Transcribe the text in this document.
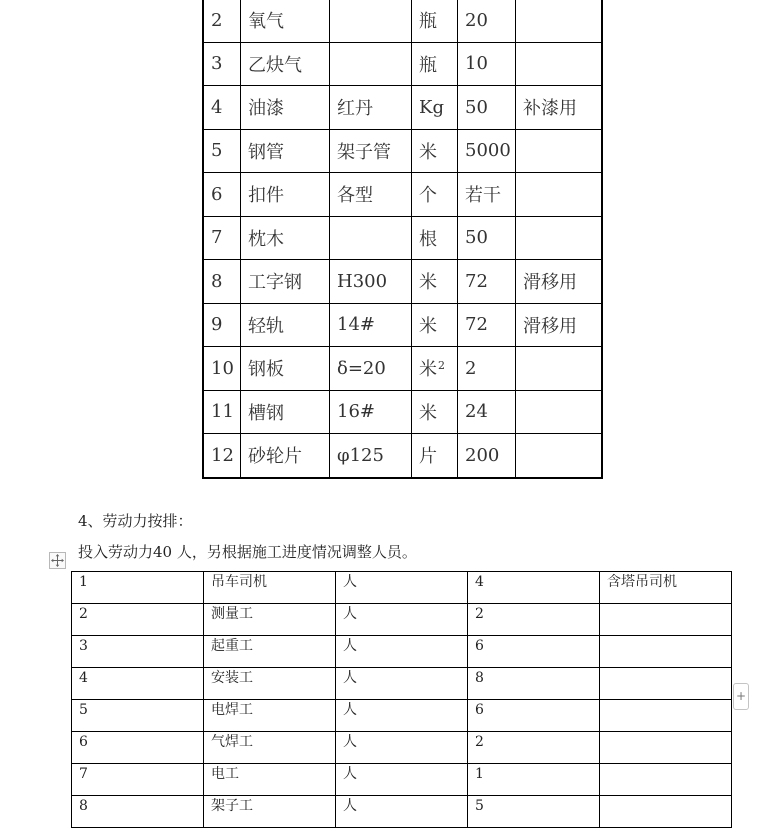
2	氧气		瓶	20	
3	乙炔气		瓶	10	
4	油漆	红丹	Kg	50	补漆用
5	钢管	架子管	米	5000	
6	扣件	各型	个	若干	
7	枕木		根	50	
8	工字钢	H300	米	72	滑移用
9	轻轨	14#	米	72	滑移用
10	钢板	δ=20	米$^2$	2	
11	槽钢	16#	米	24	
12	砂轮片	φ125	片	200	
4、劳动力按排：
投入劳动力40 人，另根据施工进度情况调整人员。
1	吊车司机	人	4	含塔吊司机
2	测量工	人	2	
3	起重工	人	6	
4	安装工	人	8	
5	电焊工	人	6	
6	气焊工	人	2	
7	电工	人	1	
8	架子工	人	5	
+
